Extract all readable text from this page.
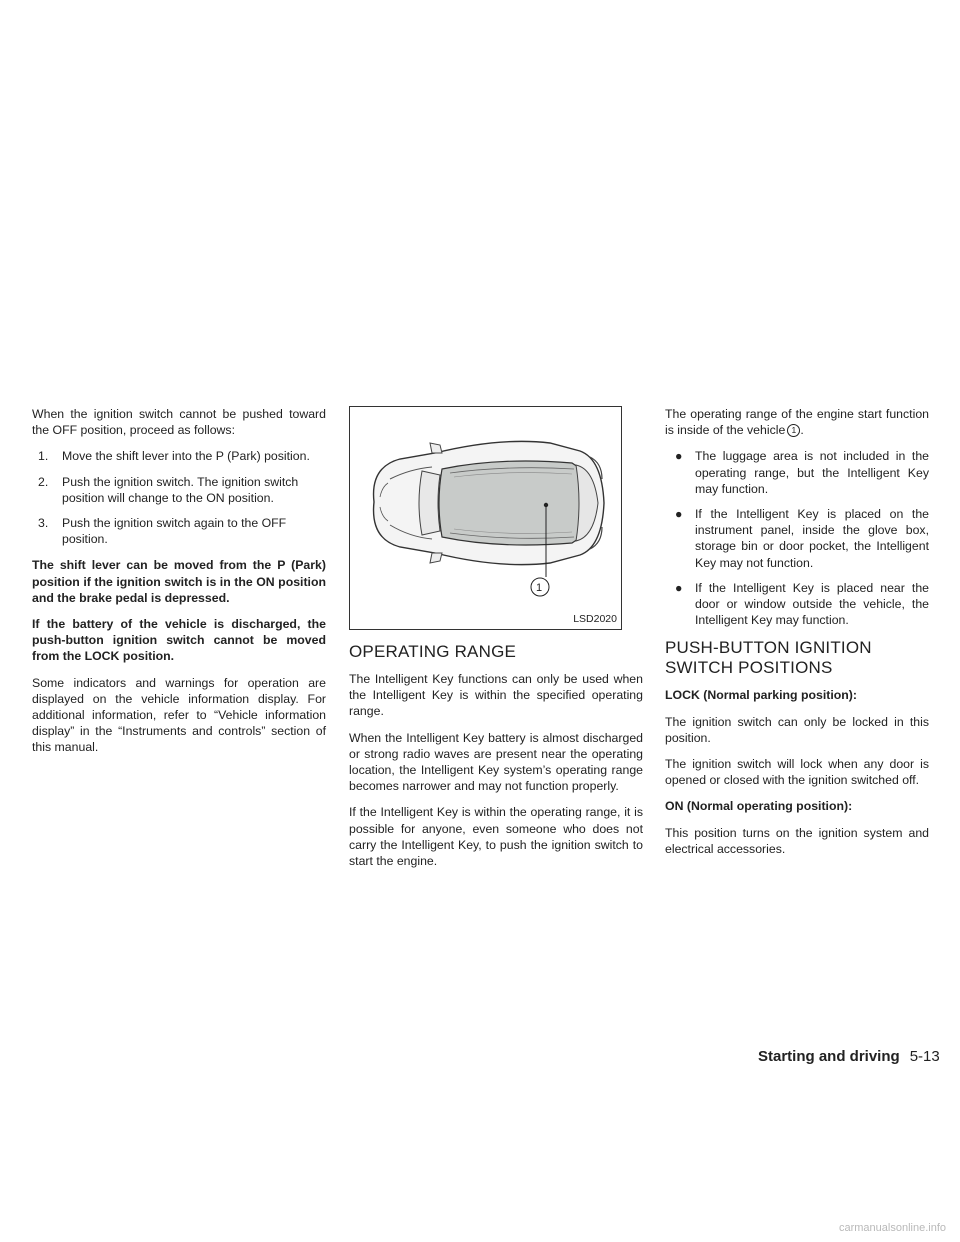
When the ignition switch cannot be pushed toward the OFF position, proceed as follows:

1. Move the shift lever into the P (Park) position.
2. Push the ignition switch. The ignition switch position will change to the ON position.
3. Push the ignition switch again to the OFF position.

The shift lever can be moved from the P (Park) position if the ignition switch is in the ON position and the brake pedal is depressed.

If the battery of the vehicle is discharged, the push-button ignition switch cannot be moved from the LOCK position.

Some indicators and warnings for operation are displayed on the vehicle information display. For additional information, refer to “Vehicle information display” in the “Instruments and controls” section of this manual.

1
LSD2020
OPERATING RANGE

The Intelligent Key functions can only be used when the Intelligent Key is within the specified operating range.

When the Intelligent Key battery is almost discharged or strong radio waves are present near the operating location, the Intelligent Key system’s operating range becomes narrower and may not function properly.

If the Intelligent Key is within the operating range, it is possible for anyone, even someone who does not carry the Intelligent Key, to push the ignition switch to start the engine.

The operating range of the engine start function is inside of the vehicle 1 .

● The luggage area is not included in the operating range, but the Intelligent Key may function.
● If the Intelligent Key is placed on the instrument panel, inside the glove box, storage bin or door pocket, the Intelligent Key may not function.
● If the Intelligent Key is placed near the door or window outside the vehicle, the Intelligent Key may function.
PUSH-BUTTON IGNITION SWITCH POSITIONS

LOCK (Normal parking position):

The ignition switch can only be locked in this position.

The ignition switch will lock when any door is opened or closed with the ignition switched off.

ON (Normal operating position):

This position turns on the ignition system and electrical accessories.

Starting and driving 5-13
carmanualsonline.info
